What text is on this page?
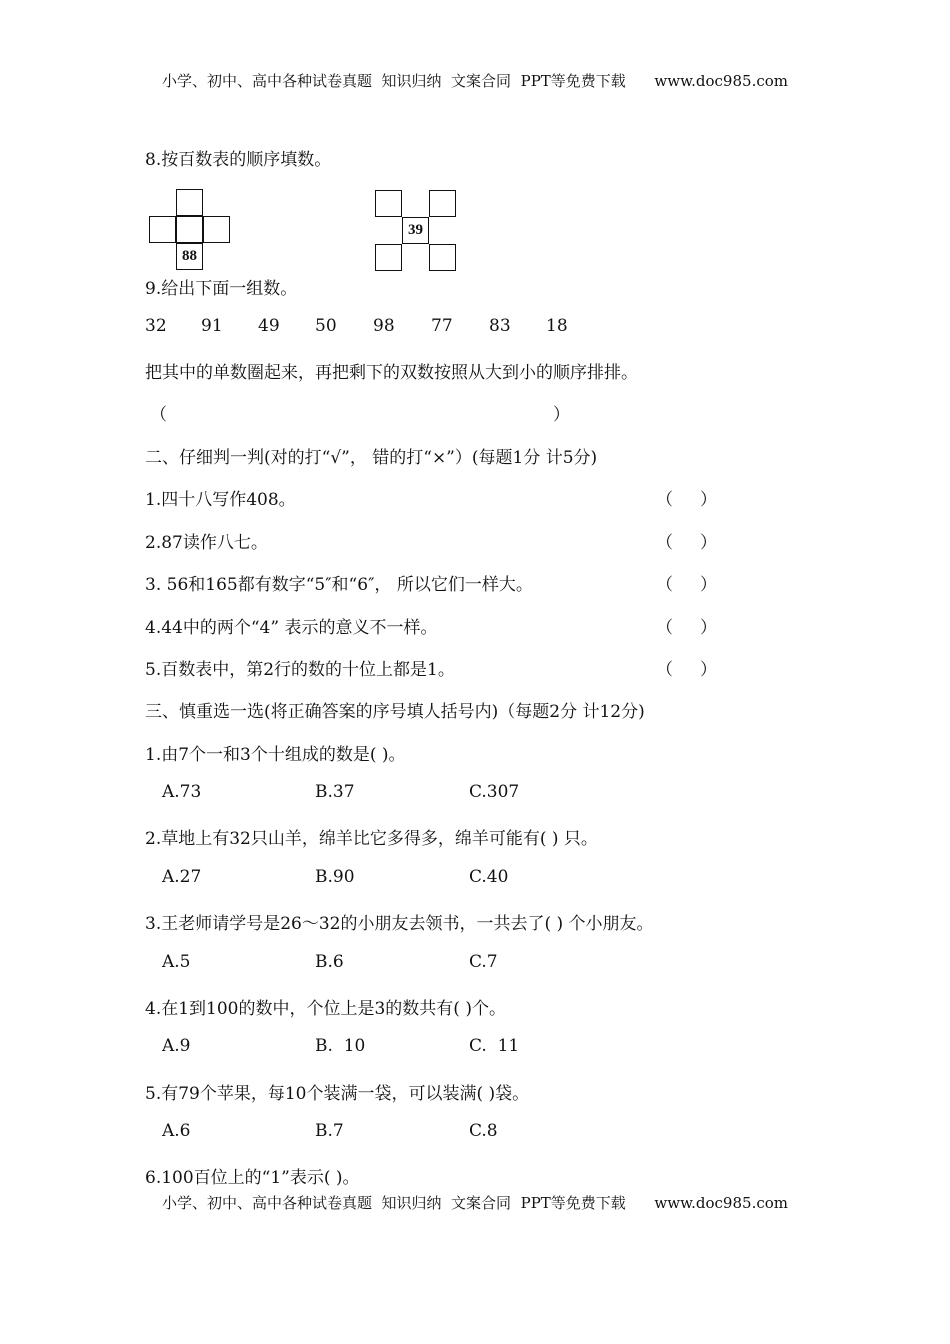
小学、初中、高中各种试卷真题  知识归纳  文案合同  PPT等免费下载      www.doc985.com
8.按百数表的顺序填数。
88
39
9.给出下面一组数。
32 91 49 50 98 77 83 18
把其中的单数圈起来，再把剩下的双数按照从大到小的顺序排排。
（	）
二、仔细判一判(对的打“√”， 错的打“×”）(每题1分 计5分)
1.四十八写作408。	（     ）
2.87读作八七。	（     ）
3. 56和165都有数字“5″和“6″， 所以它们一样大。	（     ）
4.44中的两个“4” 表示的意义不一样。	（     ）
5.百数表中，第2行的数的十位上都是1。	（     ）
三、慎重选一选(将正确答案的序号填人括号内)（每题2分 计12分)
1.由7个一和3个十组成的数是( )。
A.73	B.37	C.307
2.草地上有32只山羊，绵羊比它多得多，绵羊可能有( ) 只。
A.27	B.90	C.40
3.王老师请学号是26～32的小朋友去领书，一共去了( ) 个小朋友。
A.5	B.6	C.7
4.在1到100的数中，个位上是3的数共有( )个。
A.9	B.  10	C.  11
5.有79个苹果，每10个装满一袋，可以装满( )袋。
A.6	B.7	C.8
6.100百位上的“1”表示( )。
小学、初中、高中各种试卷真题  知识归纳  文案合同  PPT等免费下载      www.doc985.com
